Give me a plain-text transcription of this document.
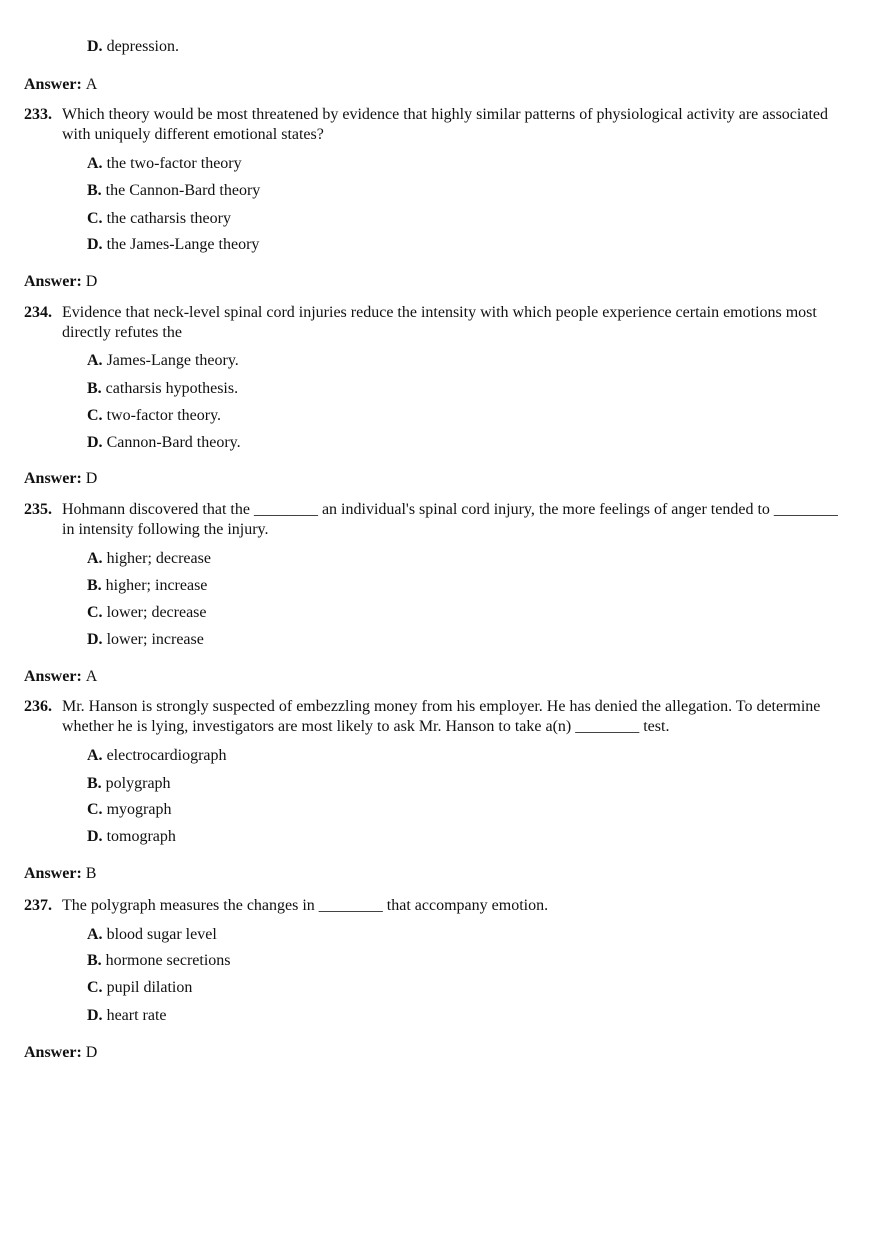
D. depression.
Answer: A
233. Which theory would be most threatened by evidence that highly similar patterns of physiological activity are associated with uniquely different emotional states?
A. the two-factor theory
B. the Cannon-Bard theory
C. the catharsis theory
D. the James-Lange theory
Answer: D
234. Evidence that neck-level spinal cord injuries reduce the intensity with which people experience certain emotions most directly refutes the
A. James-Lange theory.
B. catharsis hypothesis.
C. two-factor theory.
D. Cannon-Bard theory.
Answer: D
235. Hohmann discovered that the ________ an individual's spinal cord injury, the more feelings of anger tended to ________ in intensity following the injury.
A. higher; decrease
B. higher; increase
C. lower; decrease
D. lower; increase
Answer: A
236. Mr. Hanson is strongly suspected of embezzling money from his employer. He has denied the allegation. To determine whether he is lying, investigators are most likely to ask Mr. Hanson to take a(n) ________ test.
A. electrocardiograph
B. polygraph
C. myograph
D. tomograph
Answer: B
237. The polygraph measures the changes in ________ that accompany emotion.
A. blood sugar level
B. hormone secretions
C. pupil dilation
D. heart rate
Answer: D
